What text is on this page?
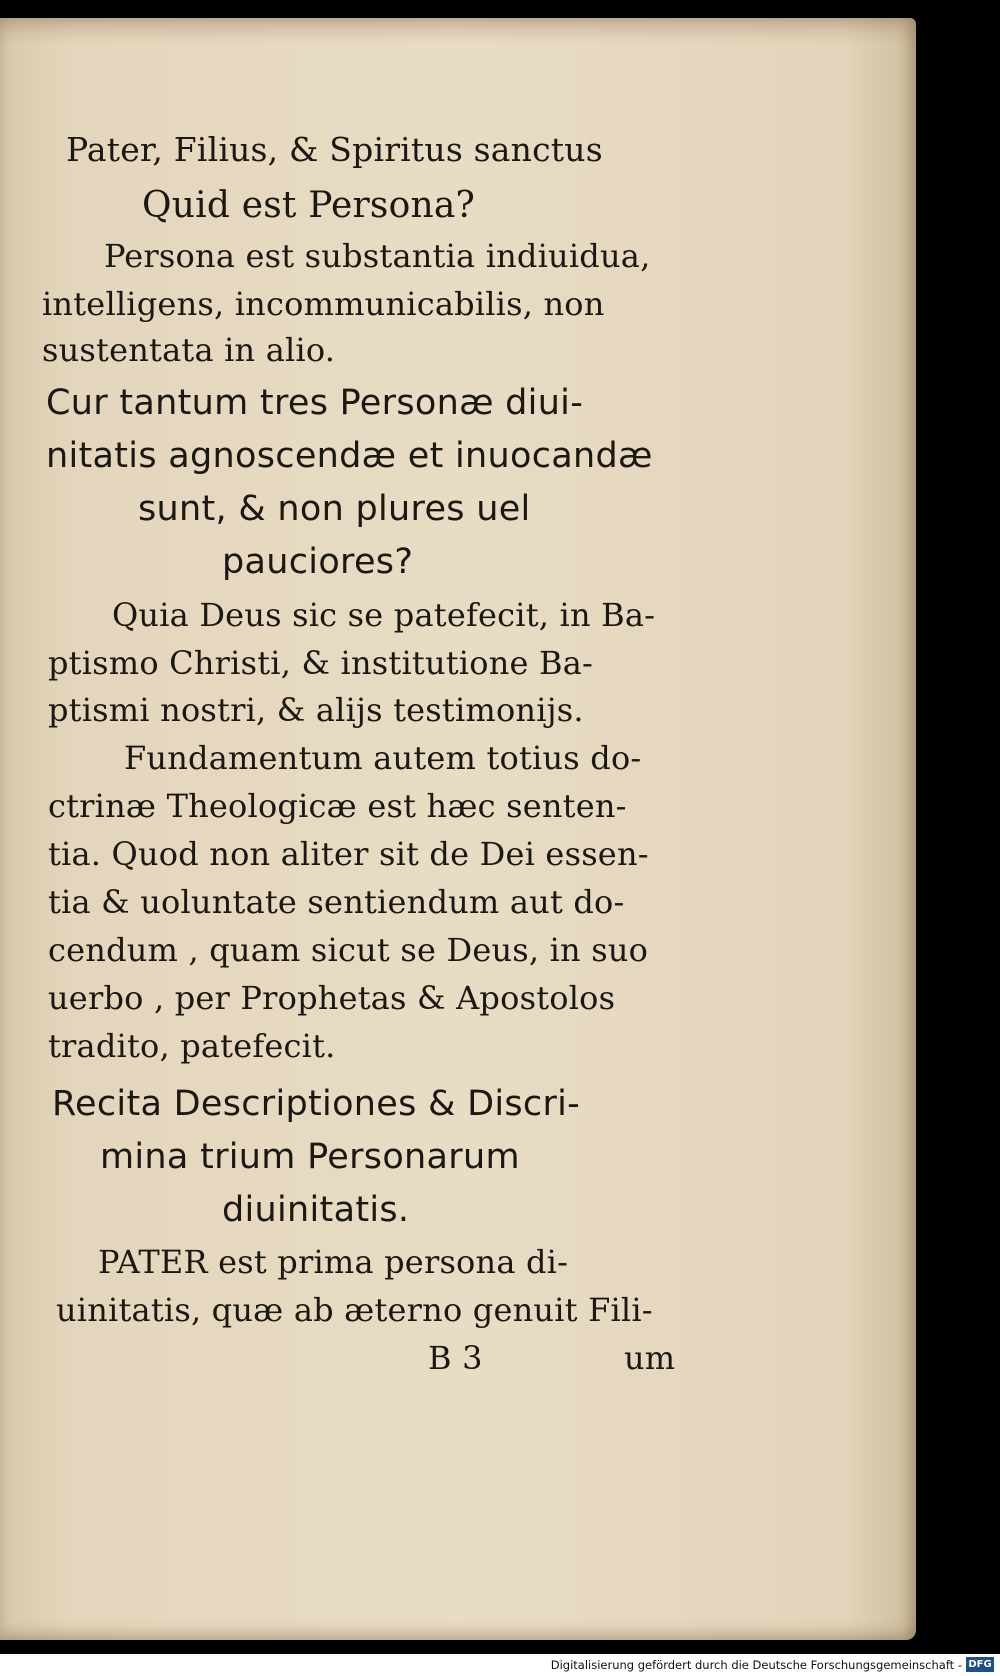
Pater, Filius, & Spiritus sanctus
Quid est Persona?
Persona est substantia indiuidua,
intelligens, incommunicabilis, non
sustentata in alio.
Cur tantum tres Personæ diui-
nitatis agnoscendæ et inuocandæ
sunt, & non plures uel
pauciores?
Quia Deus sic se patefecit, in Ba-
ptismo Christi, & institutione Ba-
ptismi nostri, & alijs testimonijs.
Fundamentum autem totius do-
ctrinæ Theologicæ est hæc senten-
tia. Quod non aliter sit de Dei essen-
tia & uoluntate sentiendum aut do-
cendum , quam sicut se Deus, in suo
uerbo , per Prophetas & Apostolos
tradito, patefecit.
Recita Descriptiones & Discri-
mina trium Personarum
diuinitatis.
PATER est prima persona di-
uinitatis, quæ ab æterno genuit Fili-
B 3	um
Digitalisierung gefördert durch die Deutsche Forschungsgemeinschaft - DFG
